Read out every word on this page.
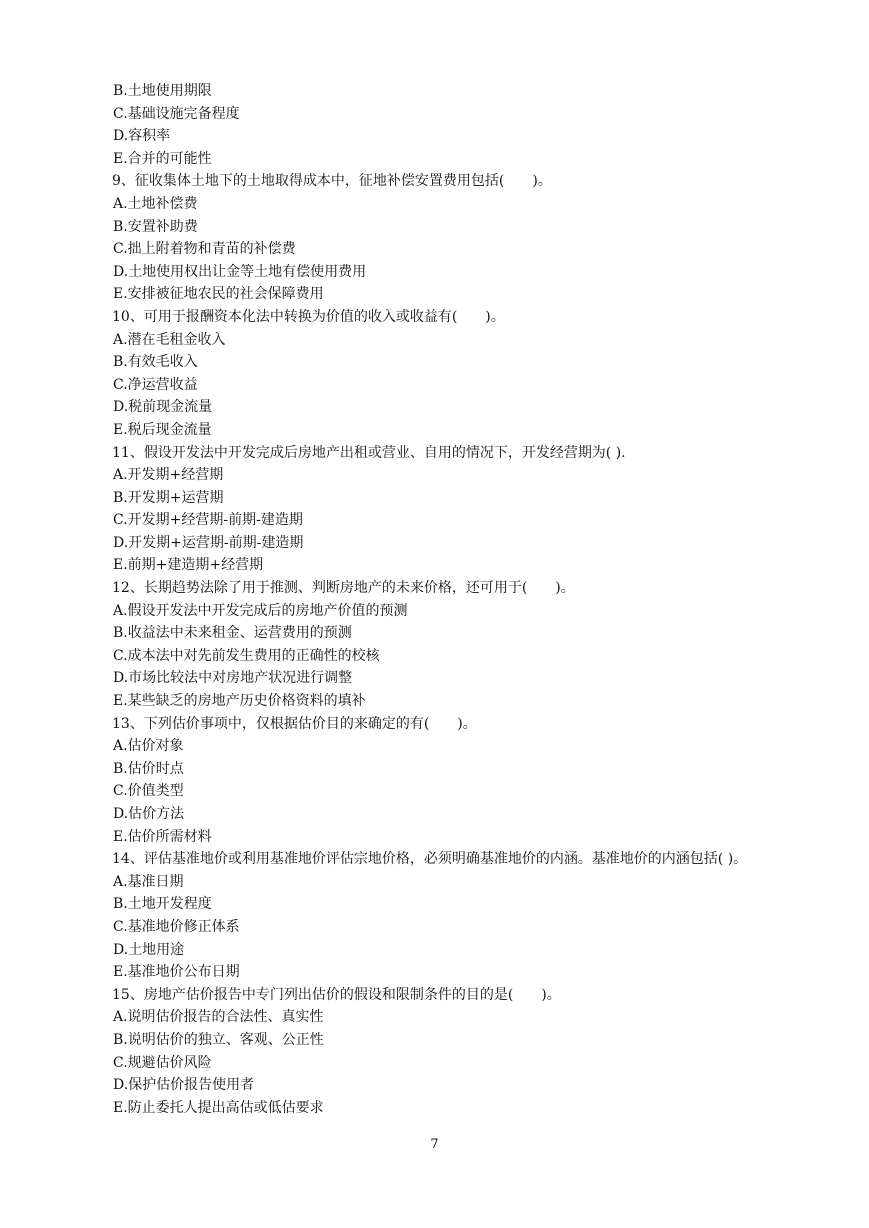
B.土地使用期限
C.基础设施完备程度
D.容积率
E.合并的可能性
9、征收集体土地下的土地取得成本中，征地补偿安置费用包括(　　)。
A.土地补偿费
B.安置补助费
C.拙上附着物和青苗的补偿费
D.土地使用权出让金等土地有偿使用费用
E.安排被征地农民的社会保障费用
10、可用于报酬资本化法中转换为价值的收入或收益有(　　)。
A.潜在毛租金收入
B.有效毛收入
C.净运营收益
D.税前现金流量
E.税后现金流量
11、假设开发法中开发完成后房地产出租或营业、自用的情况下，开发经营期为( ).
A.开发期+经营期
B.开发期+运营期
C.开发期+经营期-前期-建造期
D.开发期+运营期-前期-建造期
E.前期+建造期+经营期
12、长期趋势法除了用于推测、判断房地产的未来价格，还可用于(　　)。
A.假设开发法中开发完成后的房地产价值的预测
B.收益法中未来租金、运营费用的预测
C.成本法中对先前发生费用的正确性的校核
D.市场比较法中对房地产状况进行调整
E.某些缺乏的房地产历史价格资料的填补
13、下列估价事项中，仅根据估价目的来确定的有(　　)。
A.估价对象
B.估价时点
C.价值类型
D.估价方法
E.估价所需材料
14、评估基准地价或利用基准地价评估宗地价格，必须明确基准地价的内涵。基准地价的内涵包括( )。
A.基准日期
B.土地开发程度
C.基准地价修正体系
D.土地用途
E.基准地价公布日期
15、房地产估价报告中专门列出估价的假设和限制条件的目的是(　　)。
A.说明估价报告的合法性、真实性
B.说明估价的独立、客观、公正性
C.规避估价风险
D.保护估价报告使用者
E.防止委托人提出高估或低估要求
7
